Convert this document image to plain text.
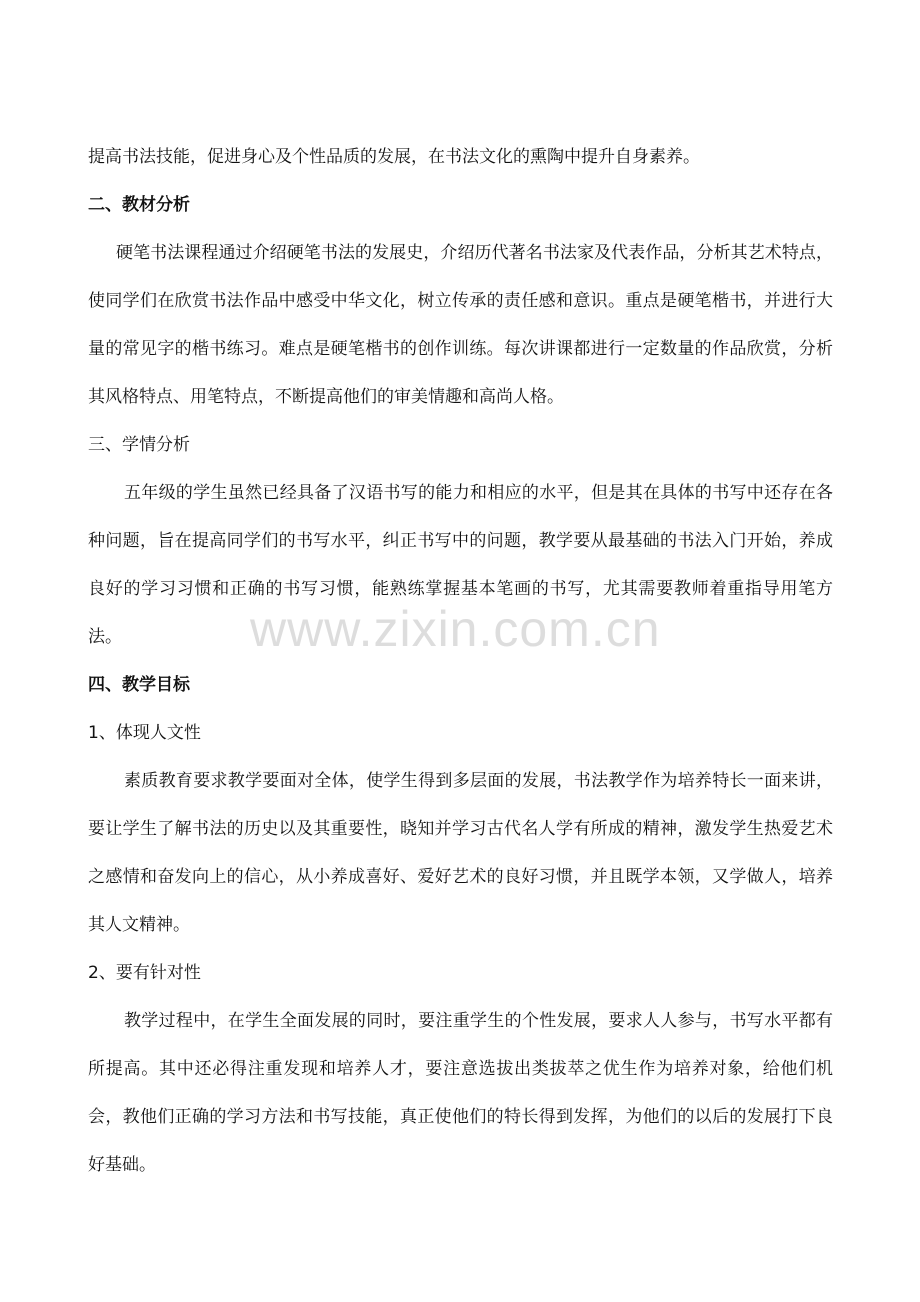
提高书法技能，促进身心及个性品质的发展，在书法文化的熏陶中提升自身素养。
二、教材分析

硬笔书法课程通过介绍硬笔书法的发展史，介绍历代著名书法家及代表作品，分析其艺术特点，使同学们在欣赏书法作品中感受中华文化，树立传承的责任感和意识。重点是硬笔楷书，并进行大量的常见字的楷书练习。难点是硬笔楷书的创作训练。每次讲课都进行一定数量的作品欣赏，分析其风格特点、用笔特点，不断提高他们的审美情趣和高尚人格。

三、学情分析

五年级的学生虽然已经具备了汉语书写的能力和相应的水平，但是其在具体的书写中还存在各种问题，旨在提高同学们的书写水平，纠正书写中的问题，教学要从最基础的书法入门开始，养成良好的学习习惯和正确的书写习惯，能熟练掌握基本笔画的书写，尤其需要教师着重指导用笔方法。

四、教学目标
1、体现人文性

素质教育要求教学要面对全体，使学生得到多层面的发展，书法教学作为培养特长一面来讲，要让学生了解书法的历史以及其重要性，晓知并学习古代名人学有所成的精神，激发学生热爱艺术之感情和奋发向上的信心，从小养成喜好、爱好艺术的良好习惯，并且既学本领，又学做人，培养其人文精神。

2、要有针对性

教学过程中，在学生全面发展的同时，要注重学生的个性发展，要求人人参与，书写水平都有所提高。其中还必得注重发现和培养人才，要注意选拔出类拔萃之优生作为培养对象，给他们机会，教他们正确的学习方法和书写技能，真正使他们的特长得到发挥，为他们的以后的发展打下良好基础。

www.zixin.com.cn
